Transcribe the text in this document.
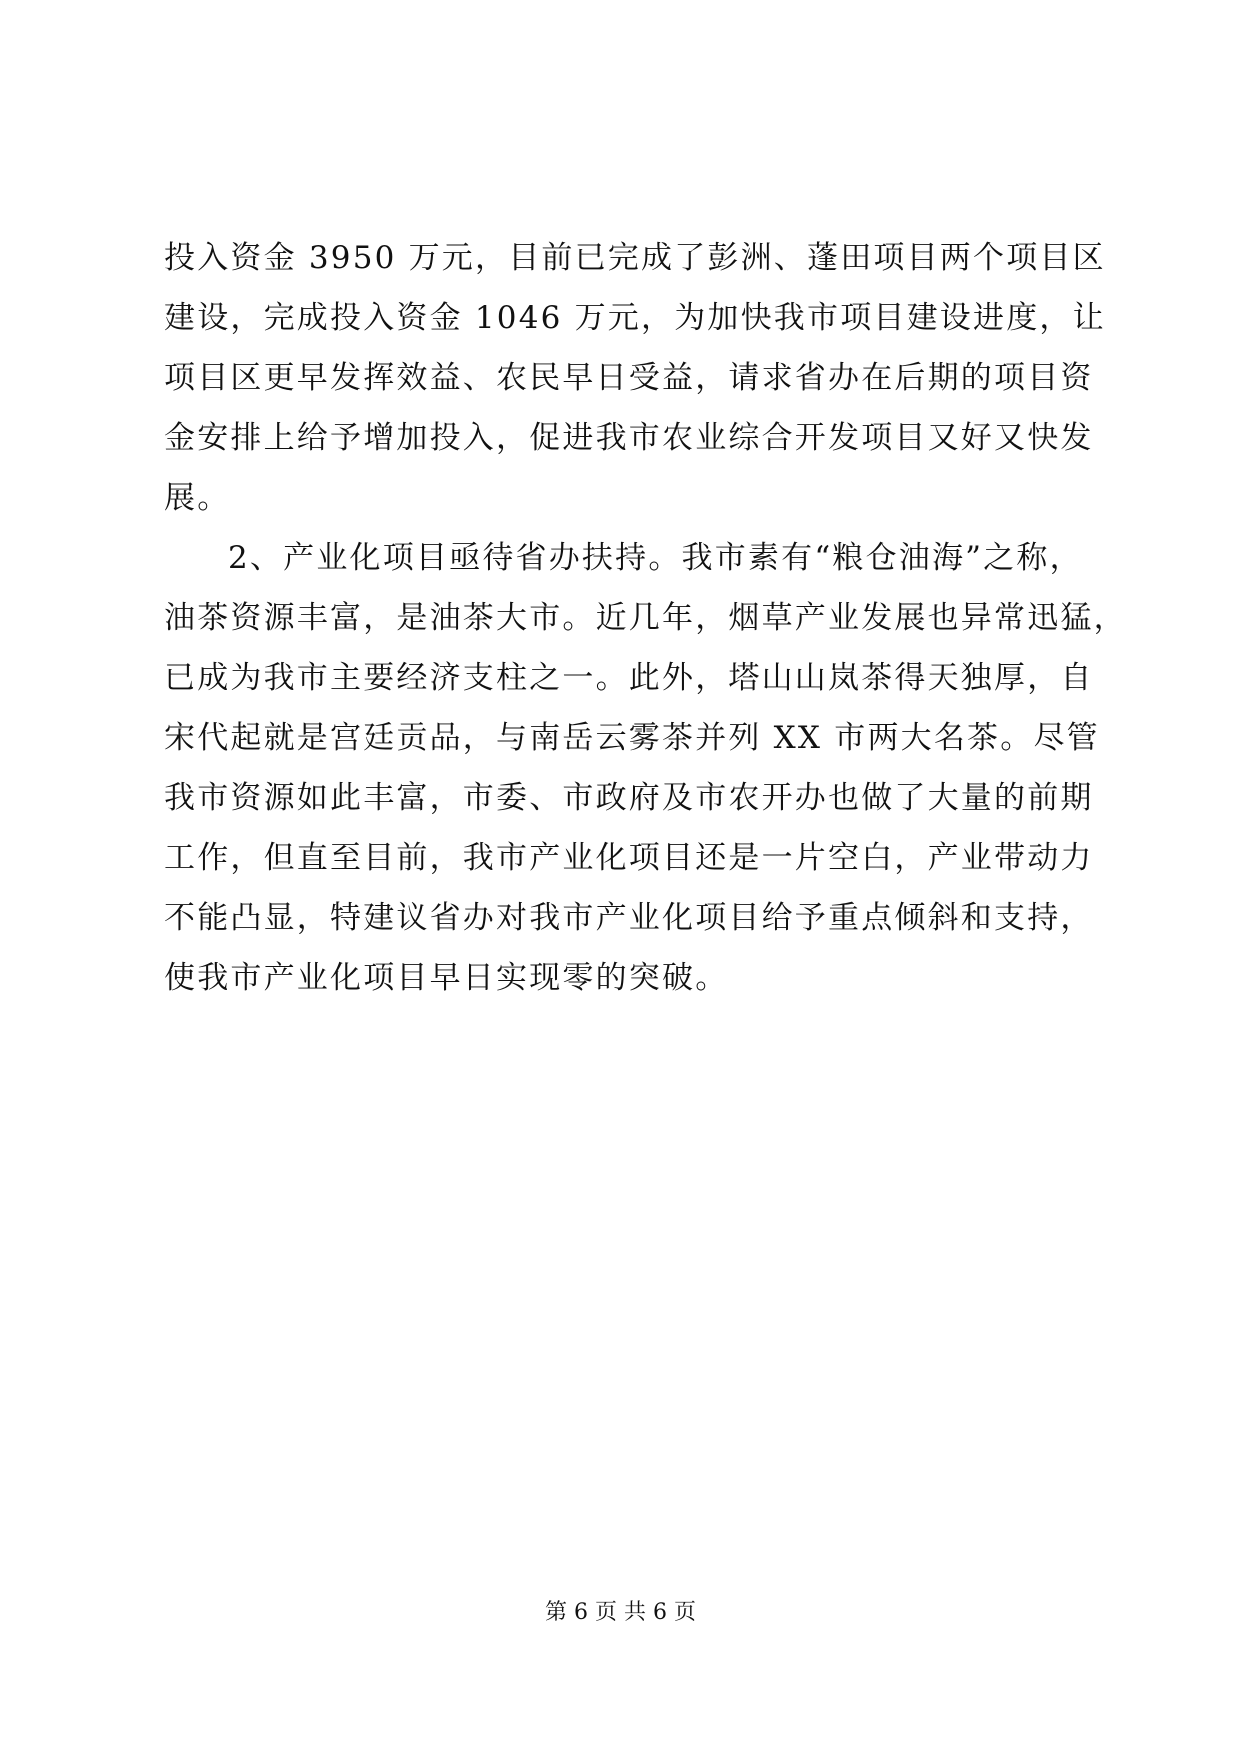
投入资金 3950 万元，目前已完成了彭洲、蓬田项目两个项目区
建设，完成投入资金 1046 万元，为加快我市项目建设进度，让
项目区更早发挥效益、农民早日受益，请求省办在后期的项目资
金安排上给予增加投入，促进我市农业综合开发项目又好又快发
展。
2、产业化项目亟待省办扶持。我市素有“粮仓油海”之称，
油茶资源丰富，是油茶大市。近几年，烟草产业发展也异常迅猛，
已成为我市主要经济支柱之一。此外，塔山山岚茶得天独厚，自
宋代起就是宫廷贡品，与南岳云雾茶并列 XX 市两大名茶。尽管
我市资源如此丰富，市委、市政府及市农开办也做了大量的前期
工作，但直至目前，我市产业化项目还是一片空白，产业带动力
不能凸显，特建议省办对我市产业化项目给予重点倾斜和支持，
使我市产业化项目早日实现零的突破。
第 6 页 共 6 页
